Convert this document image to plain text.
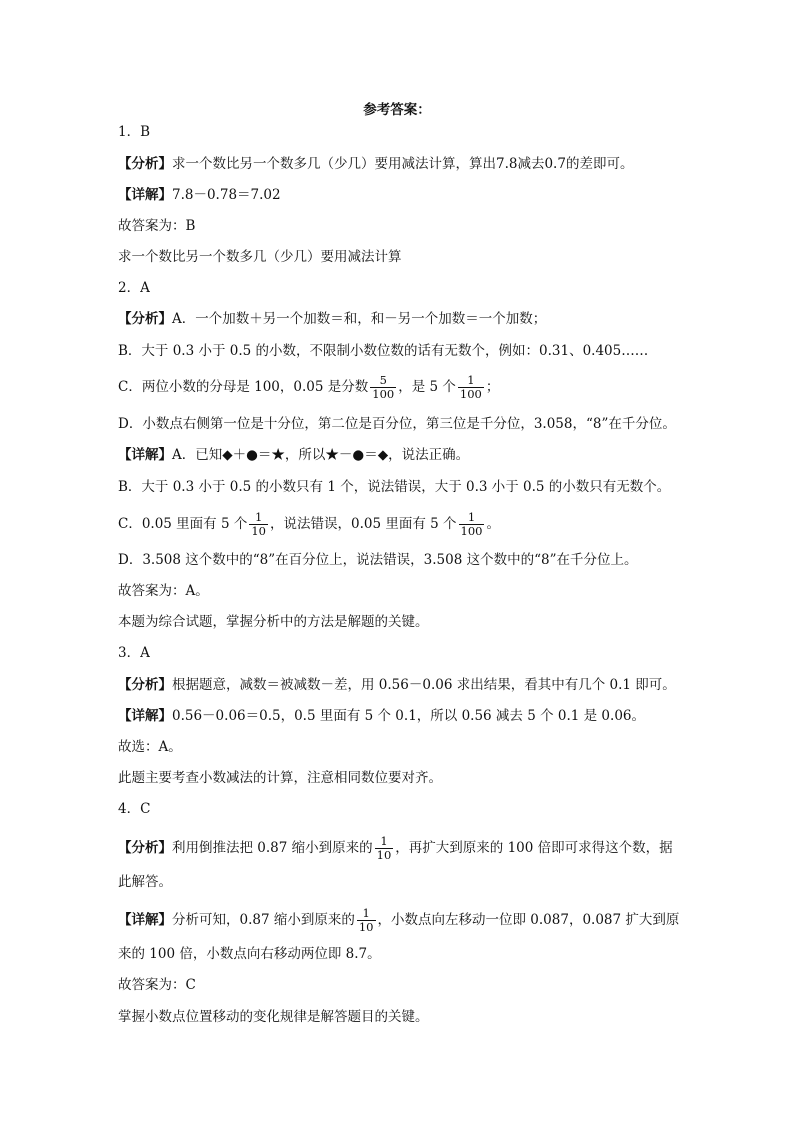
参考答案：
1．B
【分析】求一个数比另一个数多几（少几）要用减法计算，算出7.8减去0.7的差即可。
【详解】7.8－0.78＝7.02
故答案为：B
求一个数比另一个数多几（少几）要用减法计算
2．A
【分析】A．一个加数＋另一个加数＝和，和－另一个加数＝一个加数；
B．大于 0.3 小于 0.5 的小数，不限制小数位数的话有无数个，例如：0.31、0.405……
C．两位小数的分母是 100，0.05 是分数 $\frac{5}{100}$ ，是 5 个 $\frac{1}{100}$ ；
D．小数点右侧第一位是十分位，第二位是百分位，第三位是千分位，3.058，“8”在千分位。
【详解】A．已知◆＋●＝★，所以★－●＝◆，说法正确。
B．大于 0.3 小于 0.5 的小数只有 1 个，说法错误，大于 0.3 小于 0.5 的小数只有无数个。
C．0.05 里面有 5 个 $\frac{1}{10}$ ，说法错误，0.05 里面有 5 个 $\frac{1}{100}$ 。
D．3.508 这个数中的“8”在百分位上，说法错误，3.508 这个数中的“8”在千分位上。
故答案为：A。
本题为综合试题，掌握分析中的方法是解题的关键。
3．A
【分析】根据题意，减数＝被减数－差，用 0.56－0.06 求出结果，看其中有几个 0.1 即可。
【详解】0.56－0.06＝0.5，0.5 里面有 5 个 0.1，所以 0.56 减去 5 个 0.1 是 0.06。
故选：A。
此题主要考查小数减法的计算，注意相同数位要对齐。
4．C
【分析】利用倒推法把 0.87 缩小到原来的 $\frac{1}{10}$ ，再扩大到原来的 100 倍即可求得这个数，据
此解答。
【详解】分析可知，0.87 缩小到原来的 $\frac{1}{10}$ ，小数点向左移动一位即 0.087，0.087 扩大到原
来的 100 倍，小数点向右移动两位即 8.7。
故答案为：C
掌握小数点位置移动的变化规律是解答题目的关键。
